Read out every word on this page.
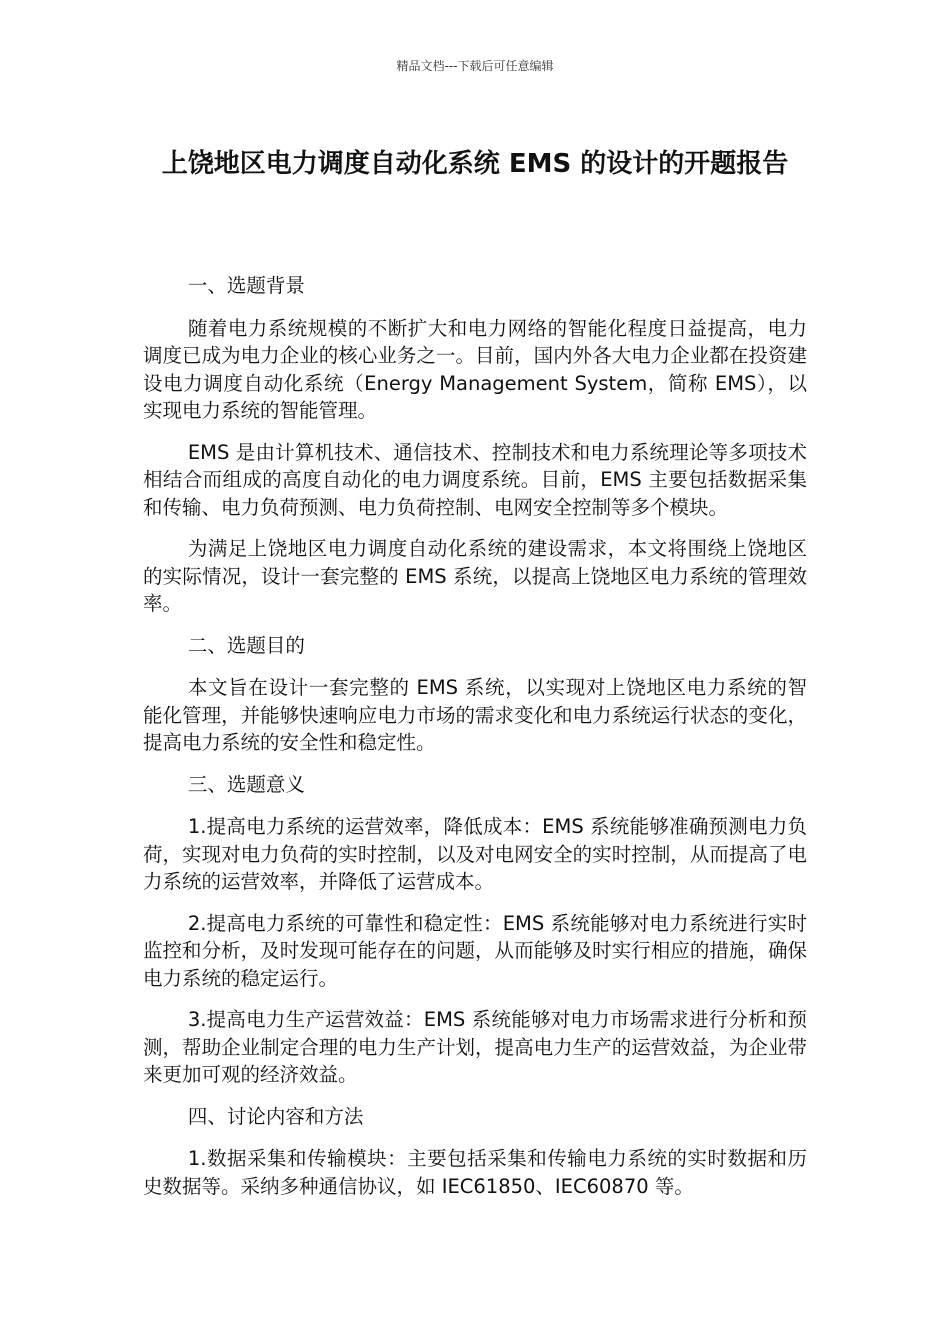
精品文档---下载后可任意编辑
上饶地区电力调度自动化系统 EMS 的设计的开题报告
一、选题背景
随着电力系统规模的不断扩大和电力网络的智能化程度日益提高，电力调度已成为电力企业的核心业务之一。目前，国内外各大电力企业都在投资建设电力调度自动化系统（Energy Management System，简称 EMS），以实现电力系统的智能管理。
EMS 是由计算机技术、通信技术、控制技术和电力系统理论等多项技术相结合而组成的高度自动化的电力调度系统。目前，EMS 主要包括数据采集和传输、电力负荷预测、电力负荷控制、电网安全控制等多个模块。
为满足上饶地区电力调度自动化系统的建设需求，本文将围绕上饶地区的实际情况，设计一套完整的 EMS 系统，以提高上饶地区电力系统的管理效率。
二、选题目的
本文旨在设计一套完整的 EMS 系统，以实现对上饶地区电力系统的智能化管理，并能够快速响应电力市场的需求变化和电力系统运行状态的变化，提高电力系统的安全性和稳定性。
三、选题意义
1.提高电力系统的运营效率，降低成本：EMS 系统能够准确预测电力负荷，实现对电力负荷的实时控制，以及对电网安全的实时控制，从而提高了电力系统的运营效率，并降低了运营成本。
2.提高电力系统的可靠性和稳定性：EMS 系统能够对电力系统进行实时监控和分析，及时发现可能存在的问题，从而能够及时实行相应的措施，确保电力系统的稳定运行。
3.提高电力生产运营效益：EMS 系统能够对电力市场需求进行分析和预测，帮助企业制定合理的电力生产计划，提高电力生产的运营效益，为企业带来更加可观的经济效益。
四、讨论内容和方法
1.数据采集和传输模块：主要包括采集和传输电力系统的实时数据和历史数据等。采纳多种通信协议，如 IEC61850、IEC60870 等。
